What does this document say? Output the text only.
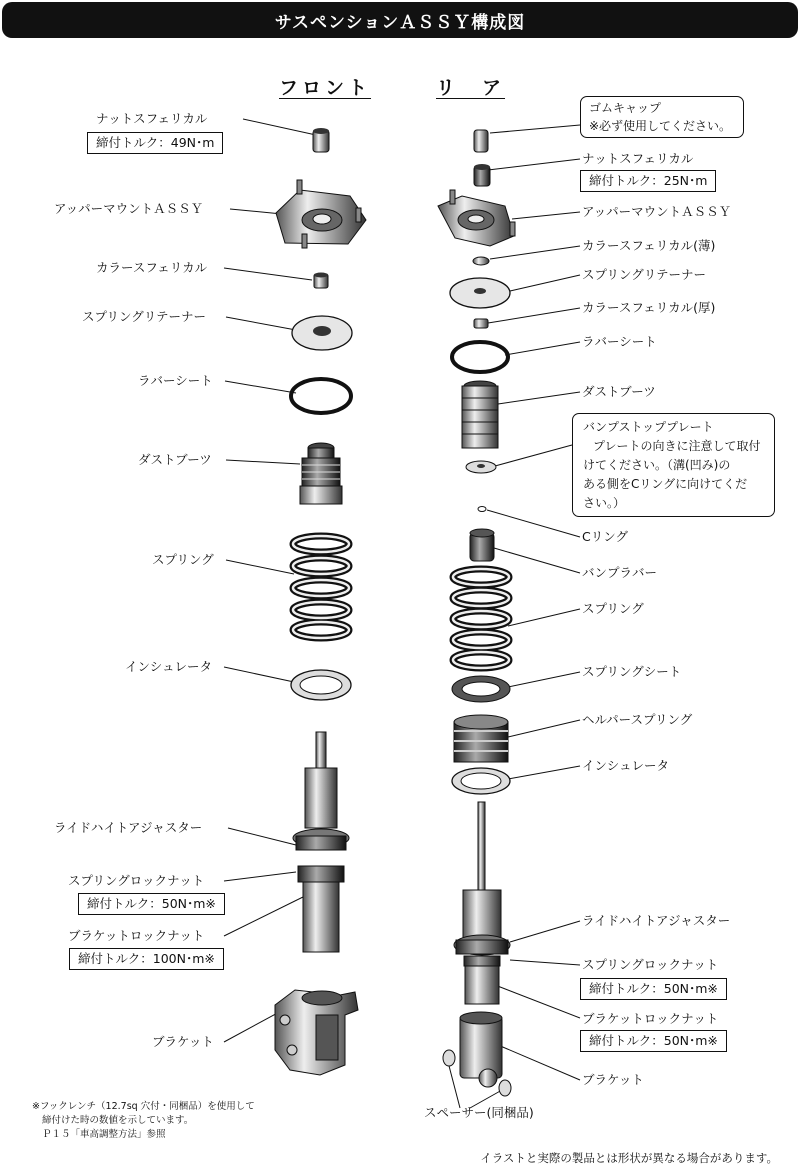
サスペンションＡＳＳＹ構成図
フロント	リ　ア
ナットスフェリカル
締付トルク：49N･m
アッパーマウントＡＳＳＹ
カラースフェリカル
スプリングリテーナー
ラバーシート
ダストブーツ
スプリング
インシュレータ
ライドハイトアジャスター
スプリングロックナット
締付トルク：50N･m※
ブラケットロックナット
締付トルク：100N･m※
ブラケット
ゴムキャップ
※必ず使用してください。
ナットスフェリカル
締付トルク：25N･m
アッパーマウントＡＳＳＹ
カラースフェリカル(薄)
スプリングリテーナー
カラースフェリカル(厚)
ラバーシート
ダストブーツ
バンプストッププレート
プレートの向きに注意して取付
けてください。（溝(凹み)の
ある側をCリングに向けてくだ
さい。）
Cリング
バンプラバー
スプリング
スプリングシート
ヘルパースプリング
インシュレータ
ライドハイトアジャスター
スプリングロックナット
締付トルク：50N･m※
ブラケットロックナット
締付トルク：50N･m※
ブラケット
スペーサー(同梱品)
※フックレンチ（12.7sq 穴付・同梱品）を使用して
締付けた時の数値を示しています。
Ｐ１５「車高調整方法」参照
イラストと実際の製品とは形状が異なる場合があります。
